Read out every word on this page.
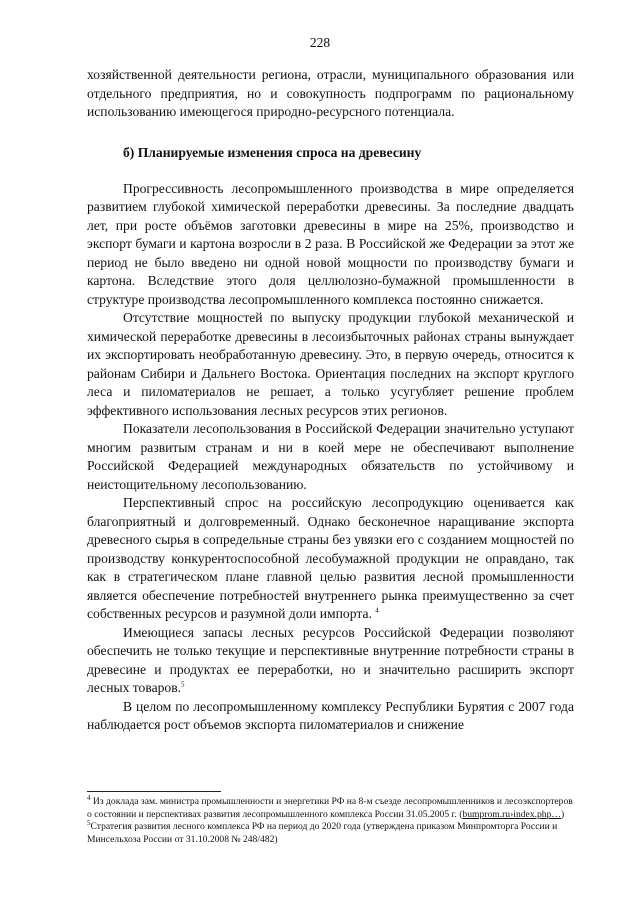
228

хозяйственной деятельности региона, отрасли, муниципального образования или отдельного предприятия, но и совокупность подпрограмм по рациональному использованию имеющегося природно-ресурсного потенциала.

б) Планируемые изменения спроса на древесину

Прогрессивность лесопромышленного производства в мире определяется развитием глубокой химической переработки древесины. За последние двадцать лет, при росте объёмов заготовки древесины в мире на 25%, производство и экспорт бумаги и картона возросли в 2 раза. В Российской же Федерации за этот же период не было введено ни одной новой мощности по производству бумаги и картона. Вследствие этого доля целлюлозно-бумажной промышленности в структуре производства лесопромышленного комплекса постоянно снижается.

Отсутствие мощностей по выпуску продукции глубокой механической и химической переработке древесины в лесоизбыточных районах страны вынуждает их экспортировать необработанную древесину. Это, в первую очередь, относится к районам Сибири и Дальнего Востока. Ориентация последних на экспорт круглого леса и пиломатериалов не решает, а только усугубляет решение проблем эффективного использования лесных ресурсов этих регионов.

Показатели лесопользования в Российской Федерации значительно уступают многим развитым странам и ни в коей мере не обеспечивают выполнение Российской Федерацией международных обязательств по устойчивому и неистощительному лесопользованию.

Перспективный спрос на российскую лесопродукцию оценивается как благоприятный и долговременный. Однако бесконечное наращивание экспорта древесного сырья в сопредельные страны без увязки его с созданием мощностей по производству конкурентоспособной лесобумажной продукции не оправдано, так как в стратегическом плане главной целью развития лесной промышленности является обеспечение потребностей внутреннего рынка преимущественно за счет собственных ресурсов и разумной доли импорта. $^4$

Имеющиеся запасы лесных ресурсов Российской Федерации позволяют обеспечить не только текущие и перспективные внутренние потребности страны в древесине и продуктах ее переработки, но и значительно расширить экспорт лесных товаров.$^5$

В целом по лесопромышленному комплексу Республики Бурятия с 2007 года наблюдается рост объемов экспорта пиломатериалов и снижение

$^4$ Из доклада зам. министра промышленности и энергетики РФ на 8-м съезде лесопромышленников и лесоэкспортеров о состоянии и перспективах развития лесопромышленного комплекса России 31.05.2005 г. (bumprom.ru›index.php…)

$^5$Стратегия развития лесного комплекса РФ на период до 2020 года (утверждена приказом Минпромторга России и Минсельхоза России от 31.10.2008 № 248/482)
